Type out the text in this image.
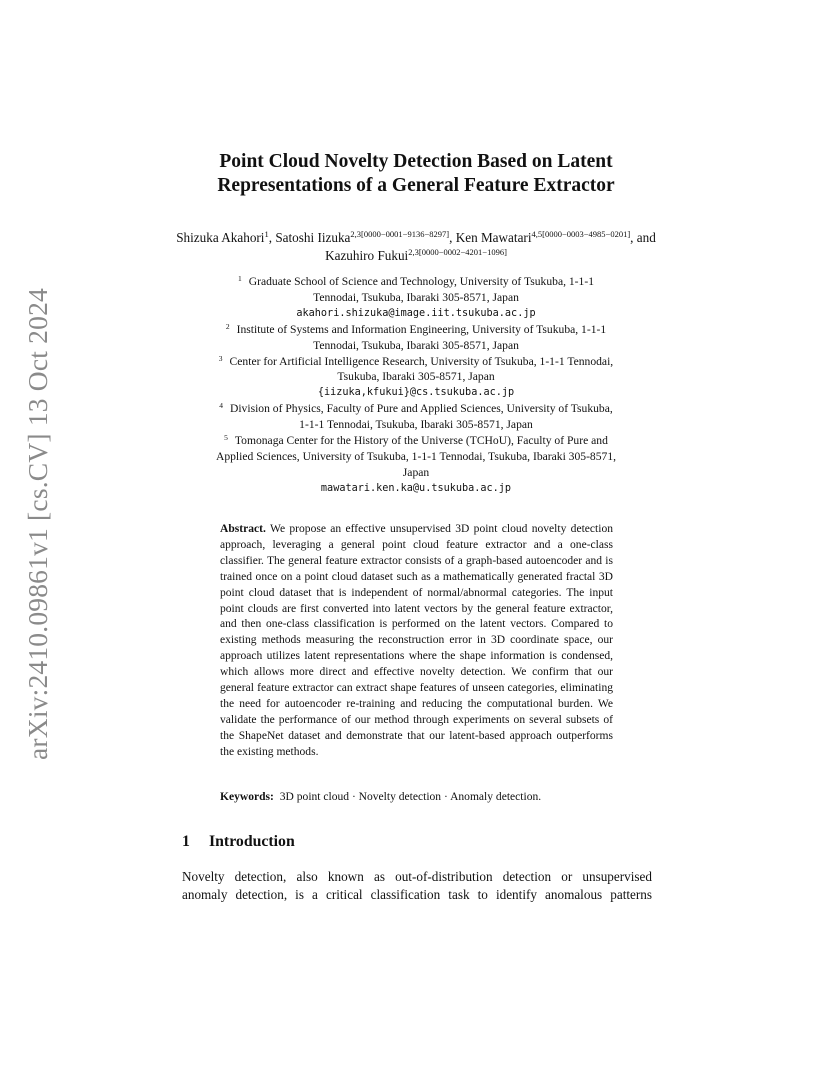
arXiv:2410.09861v1 [cs.CV] 13 Oct 2024
Point Cloud Novelty Detection Based on Latent
Representations of a General Feature Extractor
Shizuka Akahori$^1$, Satoshi Iizuka$^{2,3[0000-0001-9136-8297]}$, Ken Mawatari$^{4,5[0000-0003-4985-0201]}$, and Kazuhiro Fukui$^{2,3[0000-0002-4201-1096]}$
$^1$ Graduate School of Science and Technology, University of Tsukuba, 1-1-1
Tennodai, Tsukuba, Ibaraki 305-8571, Japan
akahori.shizuka@image.iit.tsukuba.ac.jp
$^2$ Institute of Systems and Information Engineering, University of Tsukuba, 1-1-1
Tennodai, Tsukuba, Ibaraki 305-8571, Japan
$^3$ Center for Artificial Intelligence Research, University of Tsukuba, 1-1-1 Tennodai,
Tsukuba, Ibaraki 305-8571, Japan
{iizuka,kfukui}@cs.tsukuba.ac.jp
$^4$ Division of Physics, Faculty of Pure and Applied Sciences, University of Tsukuba,
1-1-1 Tennodai, Tsukuba, Ibaraki 305-8571, Japan
$^5$ Tomonaga Center for the History of the Universe (TCHoU), Faculty of Pure and
Applied Sciences, University of Tsukuba, 1-1-1 Tennodai, Tsukuba, Ibaraki 305-8571,
Japan
mawatari.ken.ka@u.tsukuba.ac.jp
Abstract. We propose an effective unsupervised 3D point cloud novelty detection approach, leveraging a general point cloud feature extractor and a one-class classifier. The general feature extractor consists of a graph-based autoencoder and is trained once on a point cloud dataset such as a mathematically generated fractal 3D point cloud dataset that is independent of normal/abnormal categories. The input point clouds are first converted into latent vectors by the general feature extractor, and then one-class classification is performed on the latent vectors. Compared to existing methods measuring the reconstruction error in 3D coordinate space, our approach utilizes latent representations where the shape information is condensed, which allows more direct and effective novelty detection. We confirm that our general feature extractor can extract shape features of unseen categories, eliminating the need for autoencoder re-training and reducing the computational burden. We validate the performance of our method through experiments on several subsets of the ShapeNet dataset and demonstrate that our latent-based approach outperforms the existing methods.
Keywords: 3D point cloud · Novelty detection · Anomaly detection.
1 Introduction
Novelty detection, also known as out-of-distribution detection or unsupervised
anomaly detection, is a critical classification task to identify anomalous patterns
